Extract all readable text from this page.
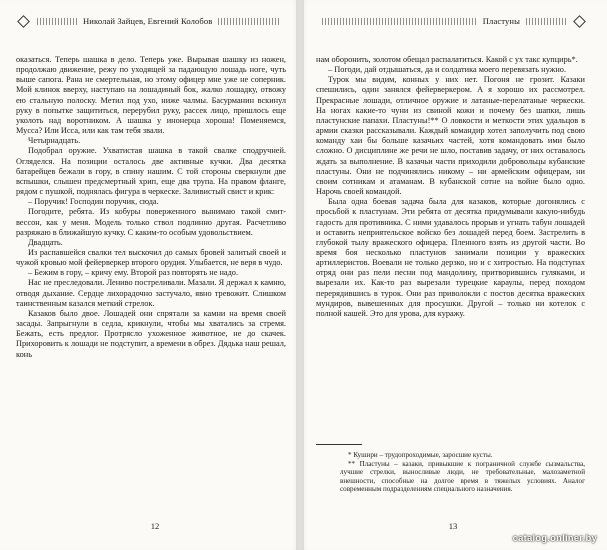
Николай Зайцев, Евгений Колобов

оказаться. Теперь шашка в дело. Теперь уже. Вырывая шашку из ножен, продолжаю движение, режу по уходящей за падающую лошадь ноге, чуть выше сапога. Рана не смертельная, но этому офицер мне уже не соперник. Мой клинок вверху, наступаю на лошадиный бок, жалко лошадку, отвожу ею стальную полоску. Метил под ухо, ниже чалмы. Басурманин вскинул руку в попытке защититься, перерубил руку, рассек лицо, пришлось еще уколоть над воротником. А шашка у инонерца хороша! Поменяемся, Мусса? Или Исса, или как там тебя звали.

Четырнадцать.

Подобрал оружие. Ухватистая шашка в такой свалке сподручней. Огляделся. На позиции осталось две активные кучки. Два десятка батарейцев бежали в гору, в спину нашим. С той стороны сверкнули две вспышки, слышен предсмертный хрип, еще два трупа. На правом фланге, рядом с пушкой, поднялась фигура в черкеске. Заливистый свист и крик:

– Поручик! Господин поручик, сюда.

Погодите, ребята. Из кобуры поверженного вынимаю такой смит-вессон, как у меня. Модель только ствол подлинно другая. Расчетливо разряжаю в ближайшую кучку. С каким-то особым удовольствием.

Двадцать.

Из распавшейся свалки тел выскочил до самых бровей залитый своей и чужой кровью мой фейерверкер второго орудия. Улыбается, не веря в чудо.

– Бежим в гору, – кричу ему. Второй раз повторять не надо.

Нас не преследовали. Лениво постреливали. Мазали. Я держал к камню, отводя дыхание. Сердце лихорадочно застучало, явно тревожит. Слишком таинственным казался меткий стрелок.

Казаков было двое. Лошадей они спрятали за камни на время своей засады. Запрыгнули в седла, крикнули, чтобы мы хватались за стремя. Бежать, есть предлог. Протрясло ухоженное животное, не до скачек. Прихоровить к лошади не подступит, а времени в обрез. Дядька наш решал, конь

12
Пластуны

нaм оборонить, золотом обещал распалатиться. Какой с ух такс купцирь*.

– Погоди, дай отдышаться, да и солдатика моего перевязать нужно.

Турок мы видим, конных у них нет. Погоня не грозит. Казаки спешились, один занялся фейерверкером. А я хорошо их рассмотрел. Прекрасные лошади, отличное оружие и латаные-перелатаные черкески. На ногах какие-то чуни из свиной кожи и почему без шапки, лишь пластунские папахи. Пластуны!** О ловкости и меткости этих удальцов в армии сказки рассказывали. Каждый командир хотел заполучить под свою команду хаи бы больше казачьих частей, хотя командовать ими было сложно. О дисциплине же речи не шло, поставив задачу, от них оставалось ждать за выполнение. В казачьи части приходили добровольцы кубанские пластуны. Они не подчинялись никому – ни армейским офицерам, ни своим сотникам и атаманам. В кубанской сотне на войне было одно. Нарочь своей командой.

Была одна боевая задача была для казаков, которые догонялись с просьбой к пластунам. Эти ребята от десятка придумывали какую-нибудь гадость для противника. С ними удавалось прорыв и угнать табун лошадей и оставить неприятельское войско без лошадей перед боем. Застрелить в глубокой тылу вражеского офицера. Пленного взять из другой части. Во время боя несколько пластунов занимали позиции у вражеских артиллеристов. Воевали не только дерзко, но и с хитростью. На подступах отряд они раз пели песни под мандолину, притворившись гуляками, и вырезали их. Как-то раз вырезали турецкие караулы, перед походом перерядившись в турок. Они раз приволокли с постов десятка вражеских мундиров, вывешенных для просушки. Другой – только ни котелок с полной кашей. Это для урова, для куражу.

* Кушири – трудопроходимые, заросшие кусты.

** Пластуны – казаки, привыкшие к пограничной службе сызмальства, лучшие стрелки, выносливые люди, не требовательные, малозаметной внешности, способные на долгое время в тяжелых условиях. Аналог современным подразделениям специального назначения.

13
catalog.onliner.by
